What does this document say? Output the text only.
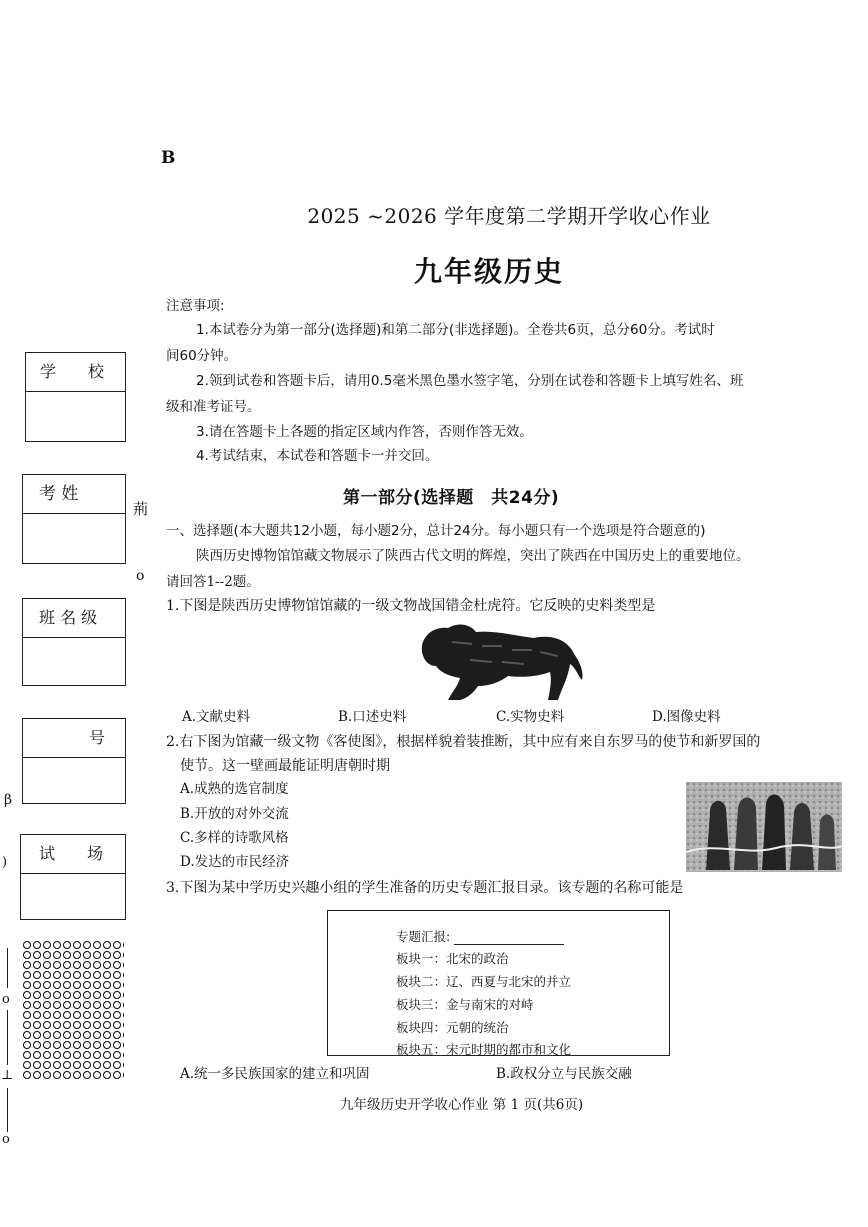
B
2025 ~2026 学年度第二学期开学收心作业
九年级历史
注意事项:
1.本试卷分为第一部分(选择题)和第二部分(非选择题)。全卷共6页，总分60分。考试时
间60分钟。
2.领到试卷和答题卡后，请用0.5毫米黑色墨水签字笔，分别在试卷和答题卡上填写姓名、班
级和准考证号。
3.请在答题卡上各题的指定区域内作答，否则作答无效。
4.考试结束，本试卷和答题卡一并交回。
学　　校
考 姓
班 名 级
号
试　　场
荊
o
β
)
o
⊥
o
第一部分(选择题　共24分)
一、选择题(本大题共12小题，每小题2分，总计24分。每小题只有一个选项是符合题意的)
陕西历史博物馆馆藏文物展示了陕西古代文明的辉煌，突出了陕西在中国历史上的重要地位。
请回答1--2题。
1.下图是陕西历史博物馆馆藏的一级文物战国错金杜虎符。它反映的史料类型是
A.文献史料	B.口述史料	C.实物史料	D.图像史料
2.右下图为馆藏一级文物《客使图》，根据样貌着装推断，其中应有来自东罗马的使节和新罗国的
使节。这一壁画最能证明唐朝时期
A.成熟的选官制度
B.开放的对外交流
C.多样的诗歌风格
D.发达的市民经济
3.下图为某中学历史兴趣小组的学生准备的历史专题汇报目录。该专题的名称可能是
专题汇报:
板块一：北宋的政治
板块二：辽、西夏与北宋的并立
板块三：金与南宋的对峙
板块四：元朝的统治
板块五：宋元时期的都市和文化
A.统一多民族国家的建立和巩固	B.政权分立与民族交融
九年级历史开学收心作业 第 1 页(共6页)
